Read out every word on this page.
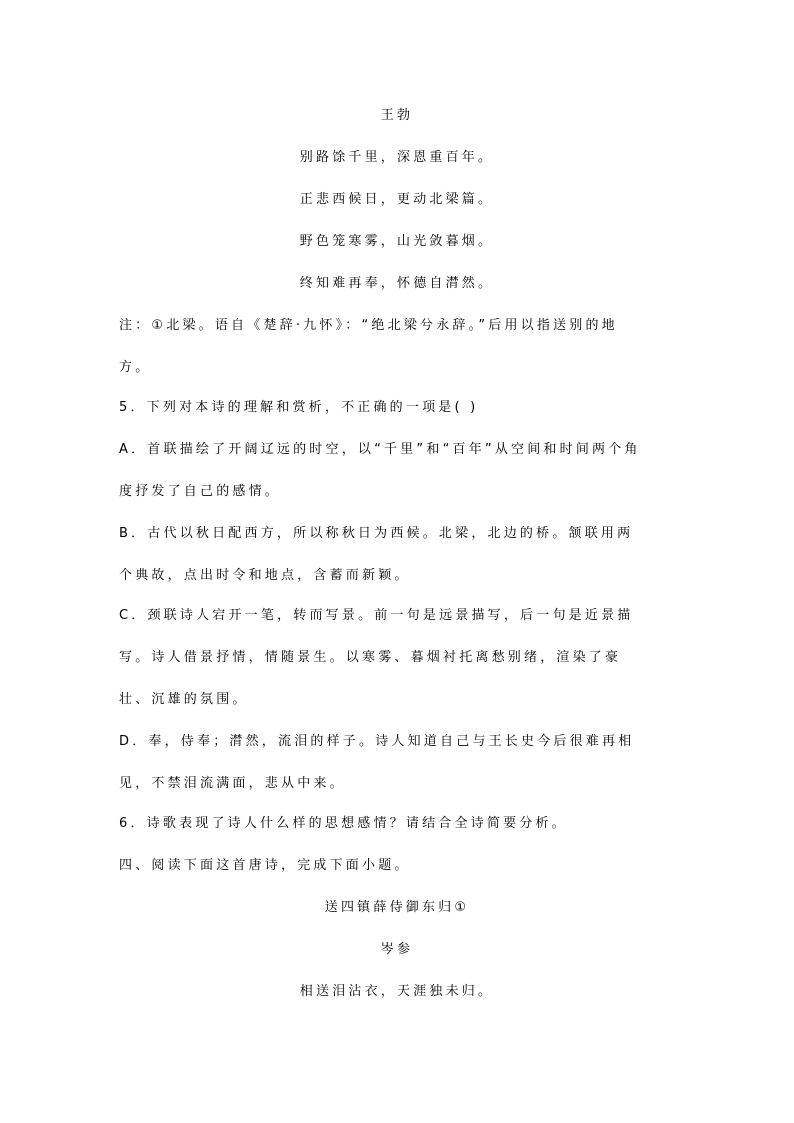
王勃
别路馀千里，深恩重百年。
正悲西候日，更动北梁篇。
野色笼寒雾，山光敛暮烟。
终知难再奉，怀德自潸然。
注：①北梁。语自《楚辞·九怀》：“绝北梁兮永辞。”后用以指送别的地
方。
5．下列对本诗的理解和赏析，不正确的一项是( )
A．首联描绘了开阔辽远的时空，以“千里”和“百年”从空间和时间两个角
度抒发了自己的感情。
B．古代以秋日配西方，所以称秋日为西候。北梁，北边的桥。颔联用两
个典故，点出时令和地点，含蓄而新颖。
C．颈联诗人宕开一笔，转而写景。前一句是远景描写，后一句是近景描
写。诗人借景抒情，情随景生。以寒雾、暮烟衬托离愁别绪，渲染了豪
壮、沉雄的氛围。
D．奉，侍奉；潸然，流泪的样子。诗人知道自己与王长史今后很难再相
见，不禁泪流满面，悲从中来。
6．诗歌表现了诗人什么样的思想感情？请结合全诗简要分析。
四、阅读下面这首唐诗，完成下面小题。
送四镇薛侍御东归①
岑参
相送泪沾衣，天涯独未归。
